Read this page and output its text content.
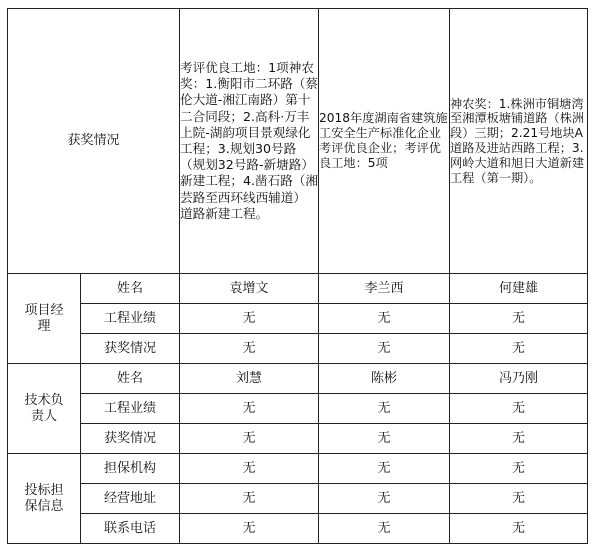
获奖情况		考评优良工地：1项神农奖：1.衡阳市二环路（蔡伦大道-湘江南路）第十二合同段；2.高科·万丰上院-湖韵项目景观绿化工程；3.规划30号路（规划32号路-新塘路）新建工程；4.凿石路（湘芸路至西环线西辅道）道路新建工程。	2018年度湖南省建筑施工安全生产标准化企业考评优良企业；考评优良工地：5项	神农奖：1.株洲市铜塘湾至湘潭板塘铺道路（株洲段）三期；2.21号地块A道路及进站西路工程；3.网岭大道和旭日大道新建工程（第一期）。
项目经理	姓名	袁增文	李兰西	何建雄
	工程业绩	无	无	无
	获奖情况	无	无	无
技术负责人	姓名	刘慧	陈彬	冯乃刚
	工程业绩	无	无	无
	获奖情况	无	无	无
投标担保信息	担保机构	无	无	无
	经营地址	无	无	无
	联系电话	无	无	无
